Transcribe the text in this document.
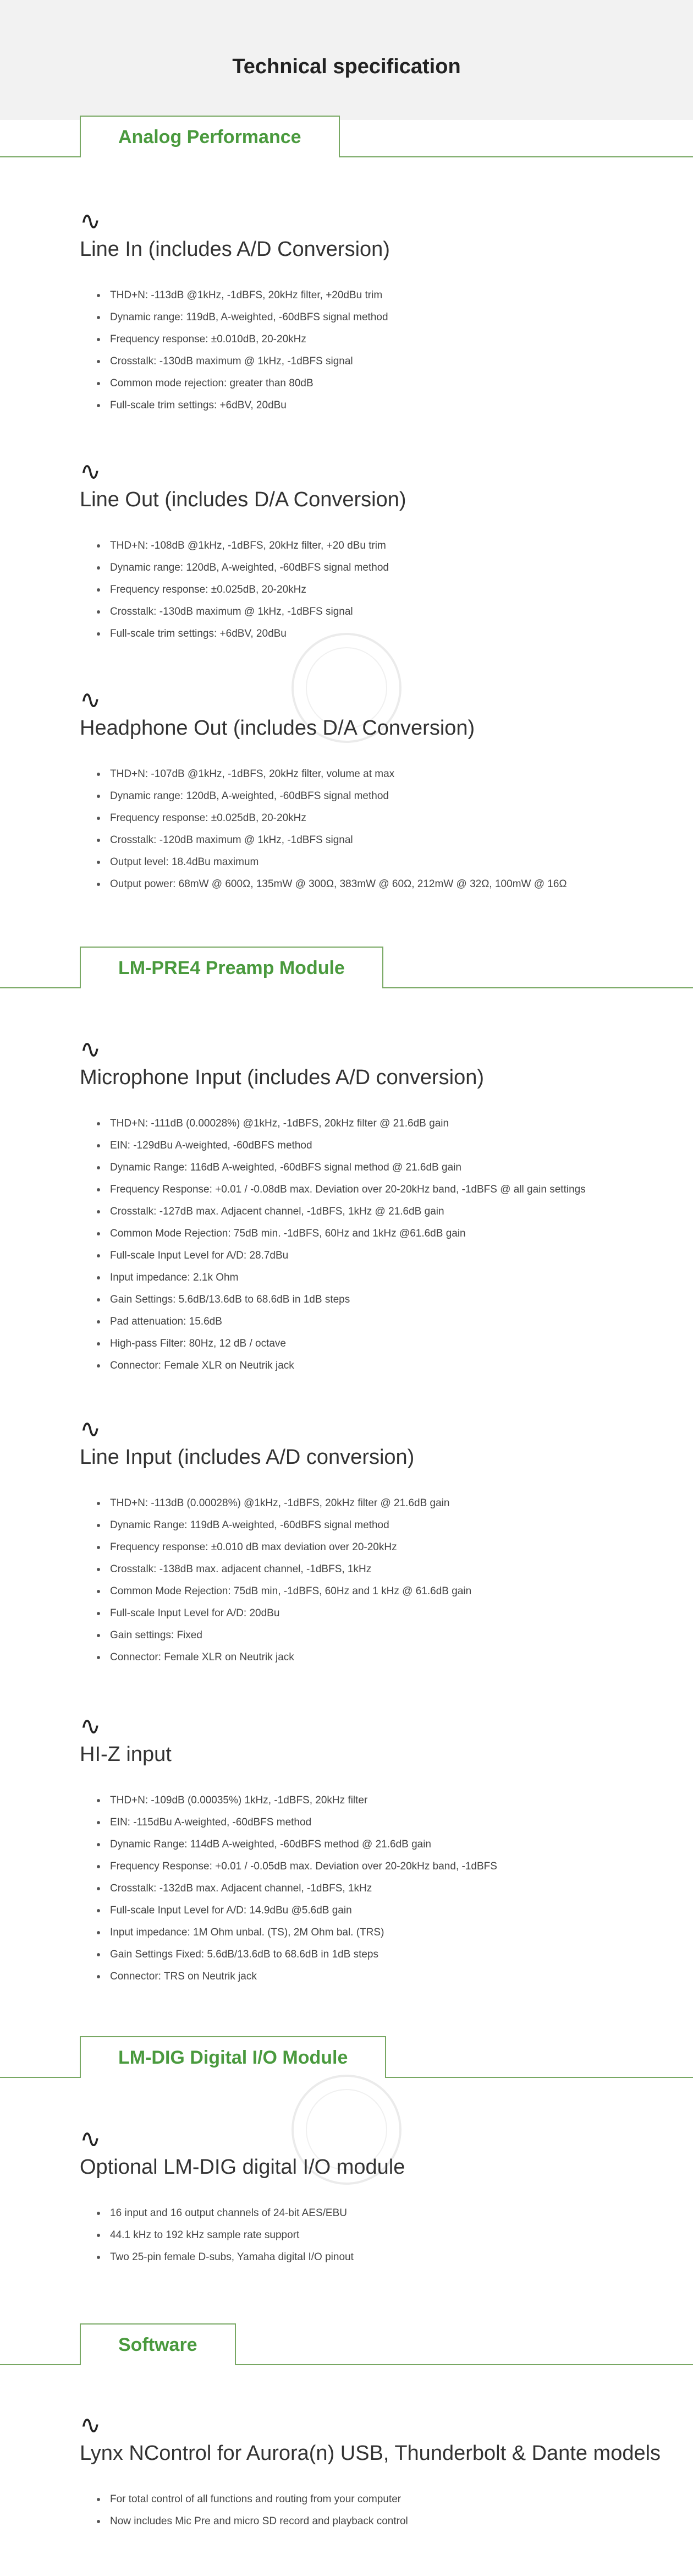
Technical specification
Analog Performance
∿
Line In (includes A/D Conversion)
THD+N: -113dB @1kHz, -1dBFS, 20kHz filter, +20dBu trim
Dynamic range: 119dB, A-weighted, -60dBFS signal method
Frequency response: ±0.010dB, 20-20kHz
Crosstalk: -130dB maximum @ 1kHz, -1dBFS signal
Common mode rejection: greater than 80dB
Full-scale trim settings: +6dBV, 20dBu
∿
Line Out (includes D/A Conversion)
THD+N: -108dB @1kHz, -1dBFS, 20kHz filter, +20 dBu trim
Dynamic range: 120dB, A-weighted, -60dBFS signal method
Frequency response: ±0.025dB, 20-20kHz
Crosstalk: -130dB maximum @ 1kHz, -1dBFS signal
Full-scale trim settings: +6dBV, 20dBu
∿
Headphone Out (includes D/A Conversion)
THD+N: -107dB @1kHz, -1dBFS, 20kHz filter, volume at max
Dynamic range: 120dB, A-weighted, -60dBFS signal method
Frequency response: ±0.025dB, 20-20kHz
Crosstalk: -120dB maximum @ 1kHz, -1dBFS signal
Output level: 18.4dBu maximum
Output power: 68mW @ 600Ω, 135mW @ 300Ω, 383mW @ 60Ω, 212mW @ 32Ω, 100mW @ 16Ω
LM-PRE4 Preamp Module
∿
Microphone Input (includes A/D conversion)
THD+N: -111dB (0.00028%) @1kHz, -1dBFS, 20kHz filter @ 21.6dB gain
EIN: -129dBu A-weighted, -60dBFS method
Dynamic Range: 116dB A-weighted, -60dBFS signal method @ 21.6dB gain
Frequency Response: +0.01 / -0.08dB max. Deviation over 20-20kHz band, -1dBFS @ all gain settings
Crosstalk: -127dB max. Adjacent channel, -1dBFS, 1kHz @ 21.6dB gain
Common Mode Rejection: 75dB min. -1dBFS, 60Hz and 1kHz @61.6dB gain
Full-scale Input Level for A/D: 28.7dBu
Input impedance: 2.1k Ohm
Gain Settings: 5.6dB/13.6dB to 68.6dB in 1dB steps
Pad attenuation: 15.6dB
High-pass Filter: 80Hz, 12 dB / octave
Connector: Female XLR on Neutrik jack
∿
Line Input (includes A/D conversion)
THD+N: -113dB (0.00028%) @1kHz, -1dBFS, 20kHz filter @ 21.6dB gain
Dynamic Range: 119dB A-weighted, -60dBFS signal method
Frequency response: ±0.010 dB max deviation over 20-20kHz
Crosstalk: -138dB max. adjacent channel, -1dBFS, 1kHz
Common Mode Rejection: 75dB min, -1dBFS, 60Hz and 1 kHz @ 61.6dB gain
Full-scale Input Level for A/D: 20dBu
Gain settings: Fixed
Connector: Female XLR on Neutrik jack
∿
HI-Z input
THD+N: -109dB (0.00035%) 1kHz, -1dBFS, 20kHz filter
EIN: -115dBu A-weighted, -60dBFS method
Dynamic Range: 114dB A-weighted, -60dBFS method @ 21.6dB gain
Frequency Response: +0.01 / -0.05dB max. Deviation over 20-20kHz band, -1dBFS
Crosstalk: -132dB max. Adjacent channel, -1dBFS, 1kHz
Full-scale Input Level for A/D: 14.9dBu @5.6dB gain
Input impedance: 1M Ohm unbal. (TS), 2M Ohm bal. (TRS)
Gain Settings Fixed: 5.6dB/13.6dB to 68.6dB in 1dB steps
Connector: TRS on Neutrik jack
LM-DIG Digital I/O Module
∿
Optional LM-DIG digital I/O module
16 input and 16 output channels of 24-bit AES/EBU
44.1 kHz to 192 kHz sample rate support
Two 25-pin female D-subs, Yamaha digital I/O pinout
Software
∿
Lynx NControl for Aurora(n) USB, Thunderbolt & Dante models
For total control of all functions and routing from your computer
Now includes Mic Pre and micro SD record and playback control
